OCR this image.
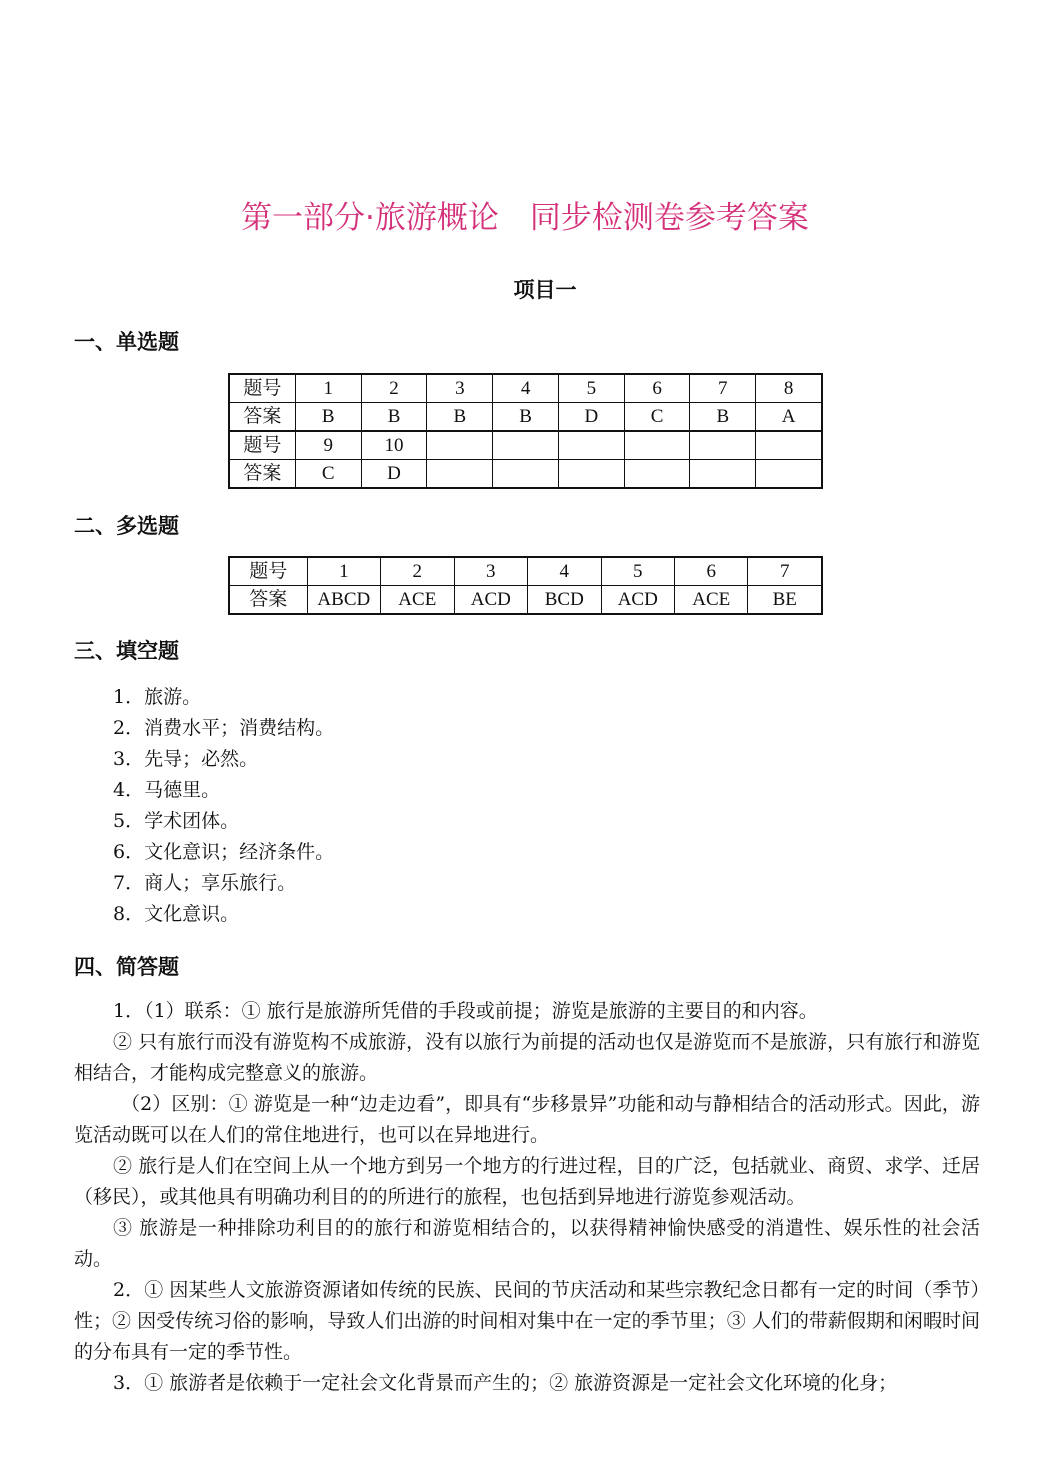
第一部分·旅游概论　同步检测卷参考答案
项目一
一、单选题
题号	1	2	3	4	5	6	7	8
答案	B	B	B	B	D	C	B	A
题号	9	10						
答案	C	D						
二、多选题
题号	1	2	3	4	5	6	7
答案	ABCD	ACE	ACD	BCD	ACD	ACE	BE
三、填空题
1．旅游。
2．消费水平；消费结构。
3．先导；必然。
4．马德里。
5．学术团体。
6．文化意识；经济条件。
7．商人；享乐旅行。
8．文化意识。
四、简答题

1．（1）联系：① 旅行是旅游所凭借的手段或前提；游览是旅游的主要目的和内容。

② 只有旅行而没有游览构不成旅游，没有以旅行为前提的活动也仅是游览而不是旅游，只有旅行和游览相结合，才能构成完整意义的旅游。

（2）区别：① 游览是一种“边走边看”，即具有“步移景异”功能和动与静相结合的活动形式。因此，游览活动既可以在人们的常住地进行，也可以在异地进行。

② 旅行是人们在空间上从一个地方到另一个地方的行进过程，目的广泛，包括就业、商贸、求学、迁居（移民），或其他具有明确功利目的的所进行的旅程，也包括到异地进行游览参观活动。

③ 旅游是一种排除功利目的的旅行和游览相结合的，以获得精神愉快感受的消遣性、娱乐性的社会活动。

2．① 因某些人文旅游资源诸如传统的民族、民间的节庆活动和某些宗教纪念日都有一定的时间（季节）性；② 因受传统习俗的影响，导致人们出游的时间相对集中在一定的季节里；③ 人们的带薪假期和闲暇时间的分布具有一定的季节性。

3．① 旅游者是依赖于一定社会文化背景而产生的；② 旅游资源是一定社会文化环境的化身；
